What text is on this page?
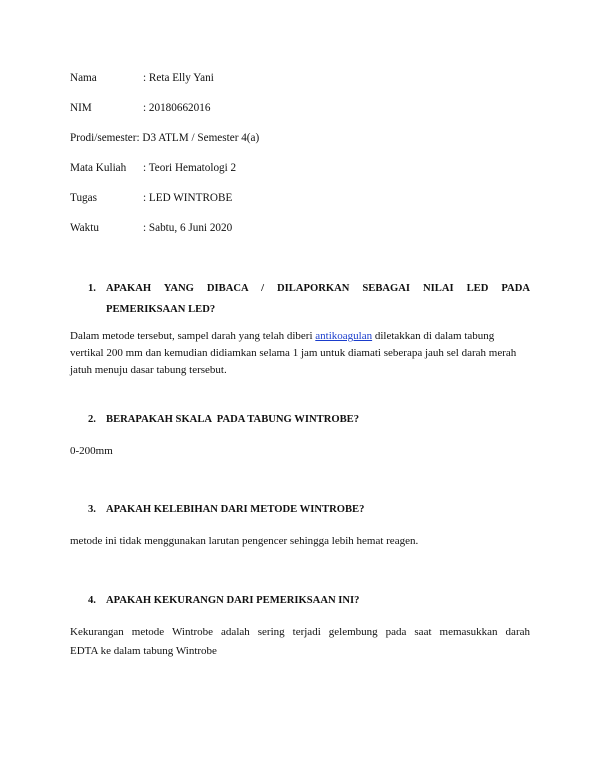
Nama	: Reta Elly Yani
NIM	: 20180662016
Prodi/semester: D3 ATLM / Semester 4(a)
Mata Kuliah : Teori Hematologi 2
Tugas	: LED WINTROBE
Waktu	: Sabtu, 6 Juni 2020
1. APAKAH YANG DIBACA / DILAPORKAN SEBAGAI NILAI LED PADA
PEMERIKSAAN LED?
Dalam metode tersebut, sampel darah yang telah diberi antikoagulan diletakkan di dalam tabung vertikal 200 mm dan kemudian didiamkan selama 1 jam untuk diamati seberapa jauh sel darah merah jatuh menuju dasar tabung tersebut.
2. BERAPAKAH SKALA  PADA TABUNG WINTROBE?
0-200mm
3. APAKAH KELEBIHAN DARI METODE WINTROBE?
metode ini tidak menggunakan larutan pengencer sehingga lebih hemat reagen.
4. APAKAH KEKURANGN DARI PEMERIKSAAN INI?
Kekurangan metode Wintrobe adalah sering terjadi gelembung pada saat memasukkan darah
EDTA ke dalam tabung Wintrobe
